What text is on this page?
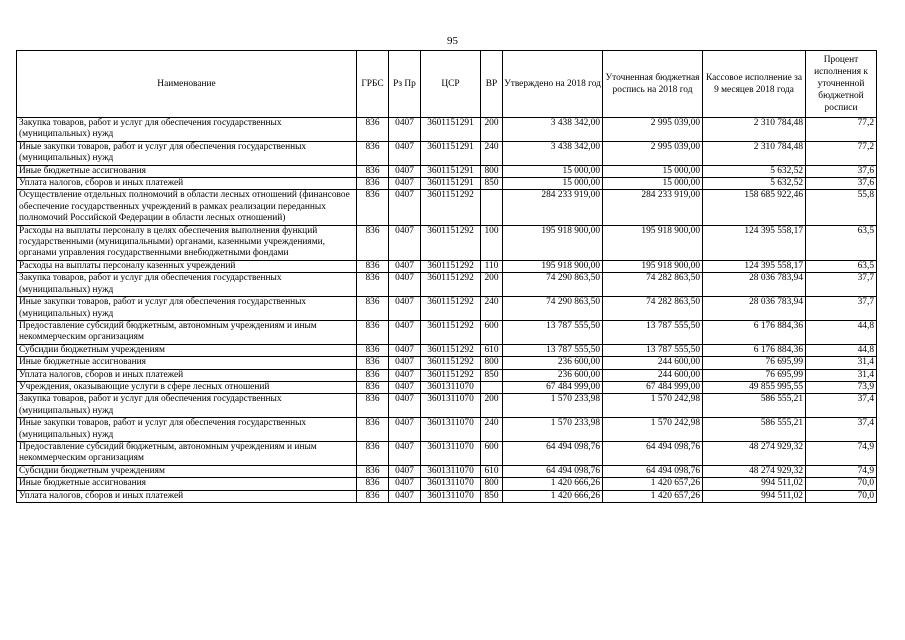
95
Наименование	ГРБС	Рз Пр	ЦСР	ВР	Утверждено на 2018 год	Уточненная бюджетная роспись на 2018 год	Кассовое исполнение за 9 месяцев 2018 года	Процент исполнения к уточненной бюджетной росписи
Закупка товаров, работ и услуг для обеспечения государственных (муниципальных) нужд	836	0407	3601151291	200	3 438 342,00	2 995 039,00	2 310 784,48	77,2
Иные закупки товаров, работ и услуг для обеспечения государственных (муниципальных) нужд	836	0407	3601151291	240	3 438 342,00	2 995 039,00	2 310 784,48	77,2
Иные бюджетные ассигнования	836	0407	3601151291	800	15 000,00	15 000,00	5 632,52	37,6
Уплата налогов, сборов и иных платежей	836	0407	3601151291	850	15 000,00	15 000,00	5 632,52	37,6
Осуществление отдельных полномочий в области лесных отношений (финансовое обеспечение государственных учреждений в рамках реализации переданных полномочий Российской Федерации в области лесных отношений)	836	0407	3601151292		284 233 919,00	284 233 919,00	158 685 922,46	55,8
Расходы на выплаты персоналу в целях обеспечения выполнения функций государственными (муниципальными) органами, казенными учреждениями, органами управления государственными внебюджетными фондами	836	0407	3601151292	100	195 918 900,00	195 918 900,00	124 395 558,17	63,5
Расходы на выплаты персоналу казенных учреждений	836	0407	3601151292	110	195 918 900,00	195 918 900,00	124 395 558,17	63,5
Закупка товаров, работ и услуг для обеспечения государственных (муниципальных) нужд	836	0407	3601151292	200	74 290 863,50	74 282 863,50	28 036 783,94	37,7
Иные закупки товаров, работ и услуг для обеспечения государственных (муниципальных) нужд	836	0407	3601151292	240	74 290 863,50	74 282 863,50	28 036 783,94	37,7
Предоставление субсидий бюджетным, автономным учреждениям и иным некоммерческим организациям	836	0407	3601151292	600	13 787 555,50	13 787 555,50	6 176 884,36	44,8
Субсидии бюджетным учреждениям	836	0407	3601151292	610	13 787 555,50	13 787 555,50	6 176 884,36	44,8
Иные бюджетные ассигнования	836	0407	3601151292	800	236 600,00	244 600,00	76 695,99	31,4
Уплата налогов, сборов и иных платежей	836	0407	3601151292	850	236 600,00	244 600,00	76 695,99	31,4
Учреждения, оказывающие услуги в сфере лесных отношений	836	0407	3601311070		67 484 999,00	67 484 999,00	49 855 995,55	73,9
Закупка товаров, работ и услуг для обеспечения государственных (муниципальных) нужд	836	0407	3601311070	200	1 570 233,98	1 570 242,98	586 555,21	37,4
Иные закупки товаров, работ и услуг для обеспечения государственных (муниципальных) нужд	836	0407	3601311070	240	1 570 233,98	1 570 242,98	586 555,21	37,4
Предоставление субсидий бюджетным, автономным учреждениям и иным некоммерческим организациям	836	0407	3601311070	600	64 494 098,76	64 494 098,76	48 274 929,32	74,9
Субсидии бюджетным учреждениям	836	0407	3601311070	610	64 494 098,76	64 494 098,76	48 274 929,32	74,9
Иные бюджетные ассигнования	836	0407	3601311070	800	1 420 666,26	1 420 657,26	994 511,02	70,0
Уплата налогов, сборов и иных платежей	836	0407	3601311070	850	1 420 666,26	1 420 657,26	994 511,02	70,0
